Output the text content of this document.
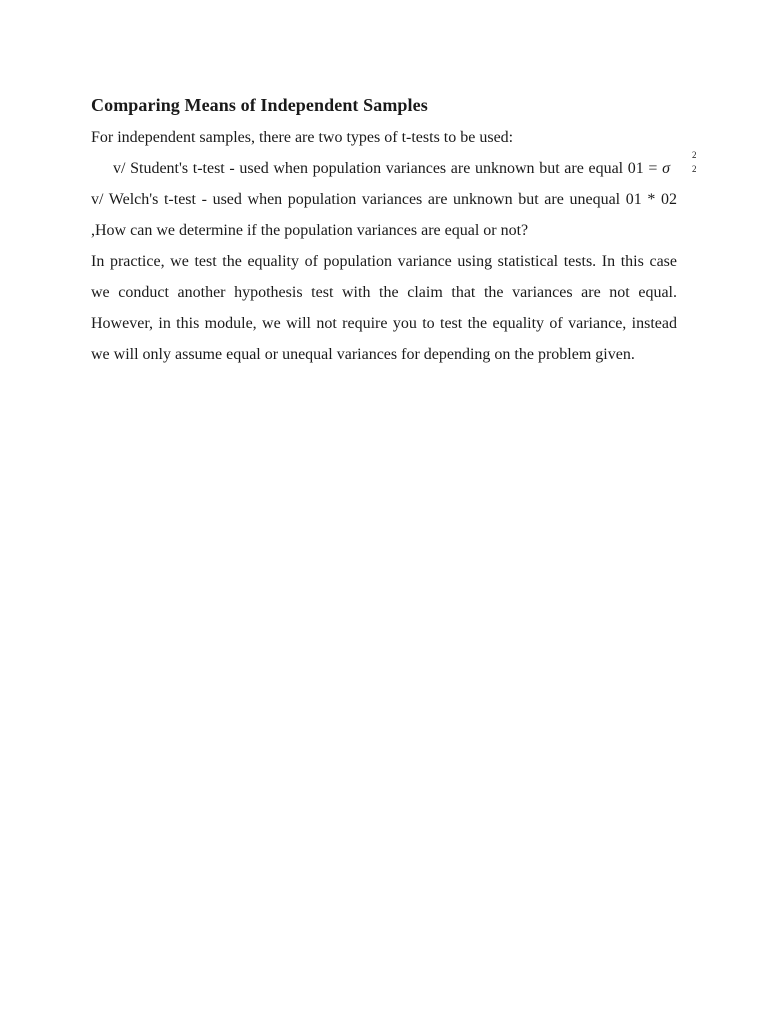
Comparing Means of Independent Samples

For independent samples, there are two types of t-tests to be used:

v/ Student's t-test - used when population variances are unknown but are equal 01 = σ
2
2
v/ Welch's t-test - used when population variances are unknown but are unequal 01 * 02 ,How can we determine if the population variances are equal or not?

In practice, we test the equality of population variance using statistical tests. In this case we conduct another hypothesis test with the claim that the variances are not equal. However, in this module, we will not require you to test the equality of variance, instead we will only assume equal or unequal variances for depending on the problem given.
